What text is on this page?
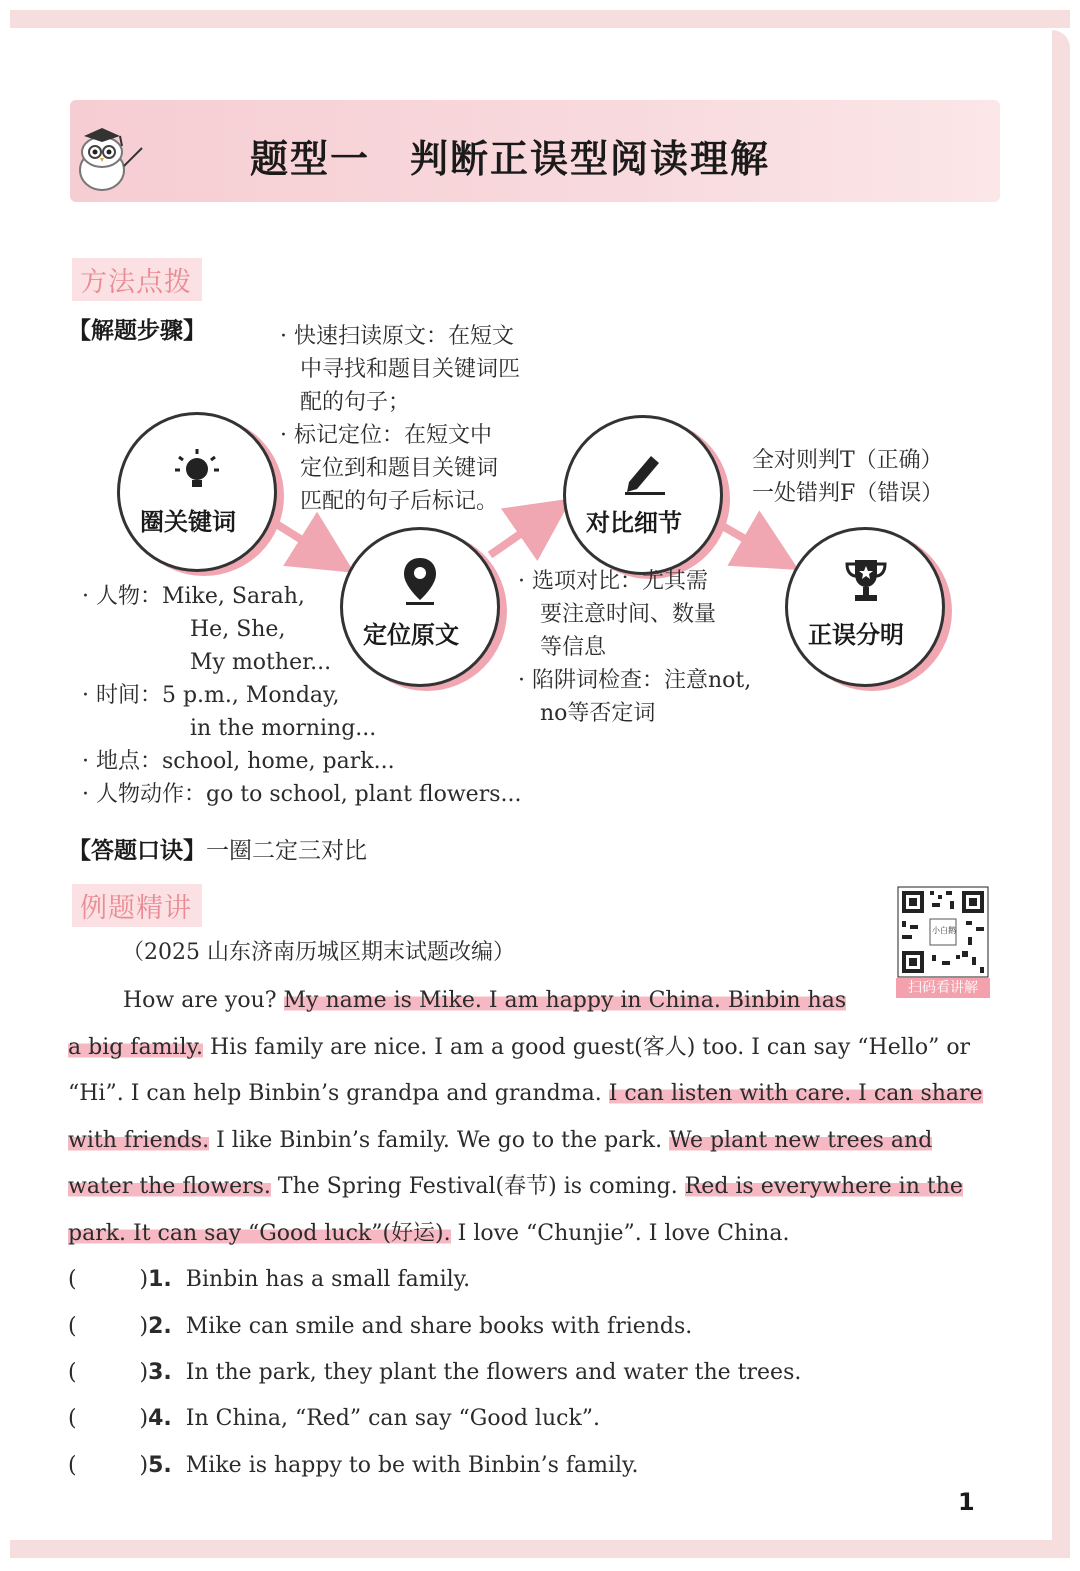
题型一　判断正误型阅读理解
方法点拨
【解题步骤】
圈关键词
定位原文
对比细节
正误分明
· 快速扫读原文：在短文
中寻找和题目关键词匹
配的句子；
· 标记定位：在短文中
定位到和题目关键词
匹配的句子后标记。
全对则判T（正确）
一处错判F（错误）
· 人物：Mike, Sarah,
He, She,
My mother...
· 时间：5 p.m., Monday,
in the morning...
· 地点：school, home, park...
· 人物动作：go to school, plant flowers...
· 选项对比：尤其需
要注意时间、数量
等信息
· 陷阱词检查：注意not,
no等否定词
【答题口诀】一圈二定三对比
例题精讲
小白鹅
扫码看讲解
（2025 山东济南历城区期末试题改编）
How are you? My name is Mike. I am happy in China. Binbin has
a big family. His family are nice. I am a good guest(客人) too. I can say “Hello” or
“Hi”. I can help Binbin’s grandpa and grandma. I can listen with care. I can share
with friends. I like Binbin’s family. We go to the park. We plant new trees and
water the flowers. The Spring Festival(春节) is coming. Red is everywhere in the
park. It can say “Good luck”(好运). I love “Chunjie”. I love China.
(         )1. Binbin has a small family.
(         )2. Mike can smile and share books with friends.
(         )3. In the park, they plant the flowers and water the trees.
(         )4. In China, “Red” can say “Good luck”.
(         )5. Mike is happy to be with Binbin’s family.
1
